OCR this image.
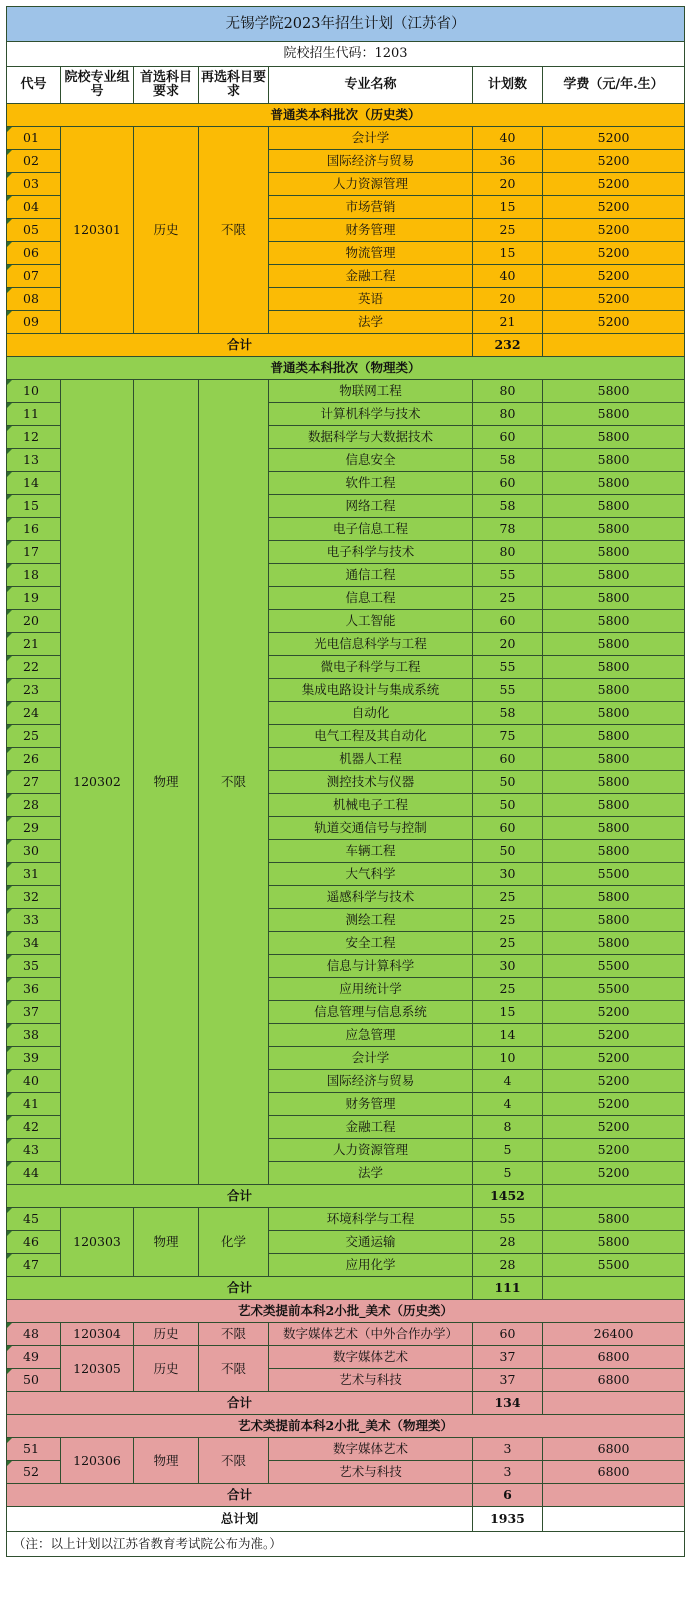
无锡学院2023年招生计划（江苏省）						
院校招生代码：1203						
代号	院校专业组号	首选科目要求	再选科目要求	专业名称	计划数	学费（元/年.生）
普通类本科批次（历史类）						
01	120301	历史	不限	会计学	40	5200
02				国际经济与贸易	36	5200
03				人力资源管理	20	5200
04				市场营销	15	5200
05				财务管理	25	5200
06				物流管理	15	5200
07				金融工程	40	5200
08				英语	20	5200
09				法学	21	5200
合计					232	
普通类本科批次（物理类）						
10	120302	物理	不限	物联网工程	80	5800
11				计算机科学与技术	80	5800
12				数据科学与大数据技术	60	5800
13				信息安全	58	5800
14				软件工程	60	5800
15				网络工程	58	5800
16				电子信息工程	78	5800
17				电子科学与技术	80	5800
18				通信工程	55	5800
19				信息工程	25	5800
20				人工智能	60	5800
21				光电信息科学与工程	20	5800
22				微电子科学与工程	55	5800
23				集成电路设计与集成系统	55	5800
24				自动化	58	5800
25				电气工程及其自动化	75	5800
26				机器人工程	60	5800
27				测控技术与仪器	50	5800
28				机械电子工程	50	5800
29				轨道交通信号与控制	60	5800
30				车辆工程	50	5800
31				大气科学	30	5500
32				遥感科学与技术	25	5800
33				测绘工程	25	5800
34				安全工程	25	5800
35				信息与计算科学	30	5500
36				应用统计学	25	5500
37				信息管理与信息系统	15	5200
38				应急管理	14	5200
39				会计学	10	5200
40				国际经济与贸易	4	5200
41				财务管理	4	5200
42				金融工程	8	5200
43				人力资源管理	5	5200
44				法学	5	5200
合计					1452	
45	120303	物理	化学	环境科学与工程	55	5800
46				交通运输	28	5800
47				应用化学	28	5500
合计					111	
艺术类提前本科2小批_美术（历史类）						
48	120304	历史	不限	数字媒体艺术（中外合作办学）	60	26400
49	120305	历史	不限	数字媒体艺术	37	6800
50				艺术与科技	37	6800
合计					134	
艺术类提前本科2小批_美术（物理类）						
51	120306	物理	不限	数字媒体艺术	3	6800
52				艺术与科技	3	6800
合计					6	
总计划					1935	
（注：以上计划以江苏省教育考试院公布为准。）						
